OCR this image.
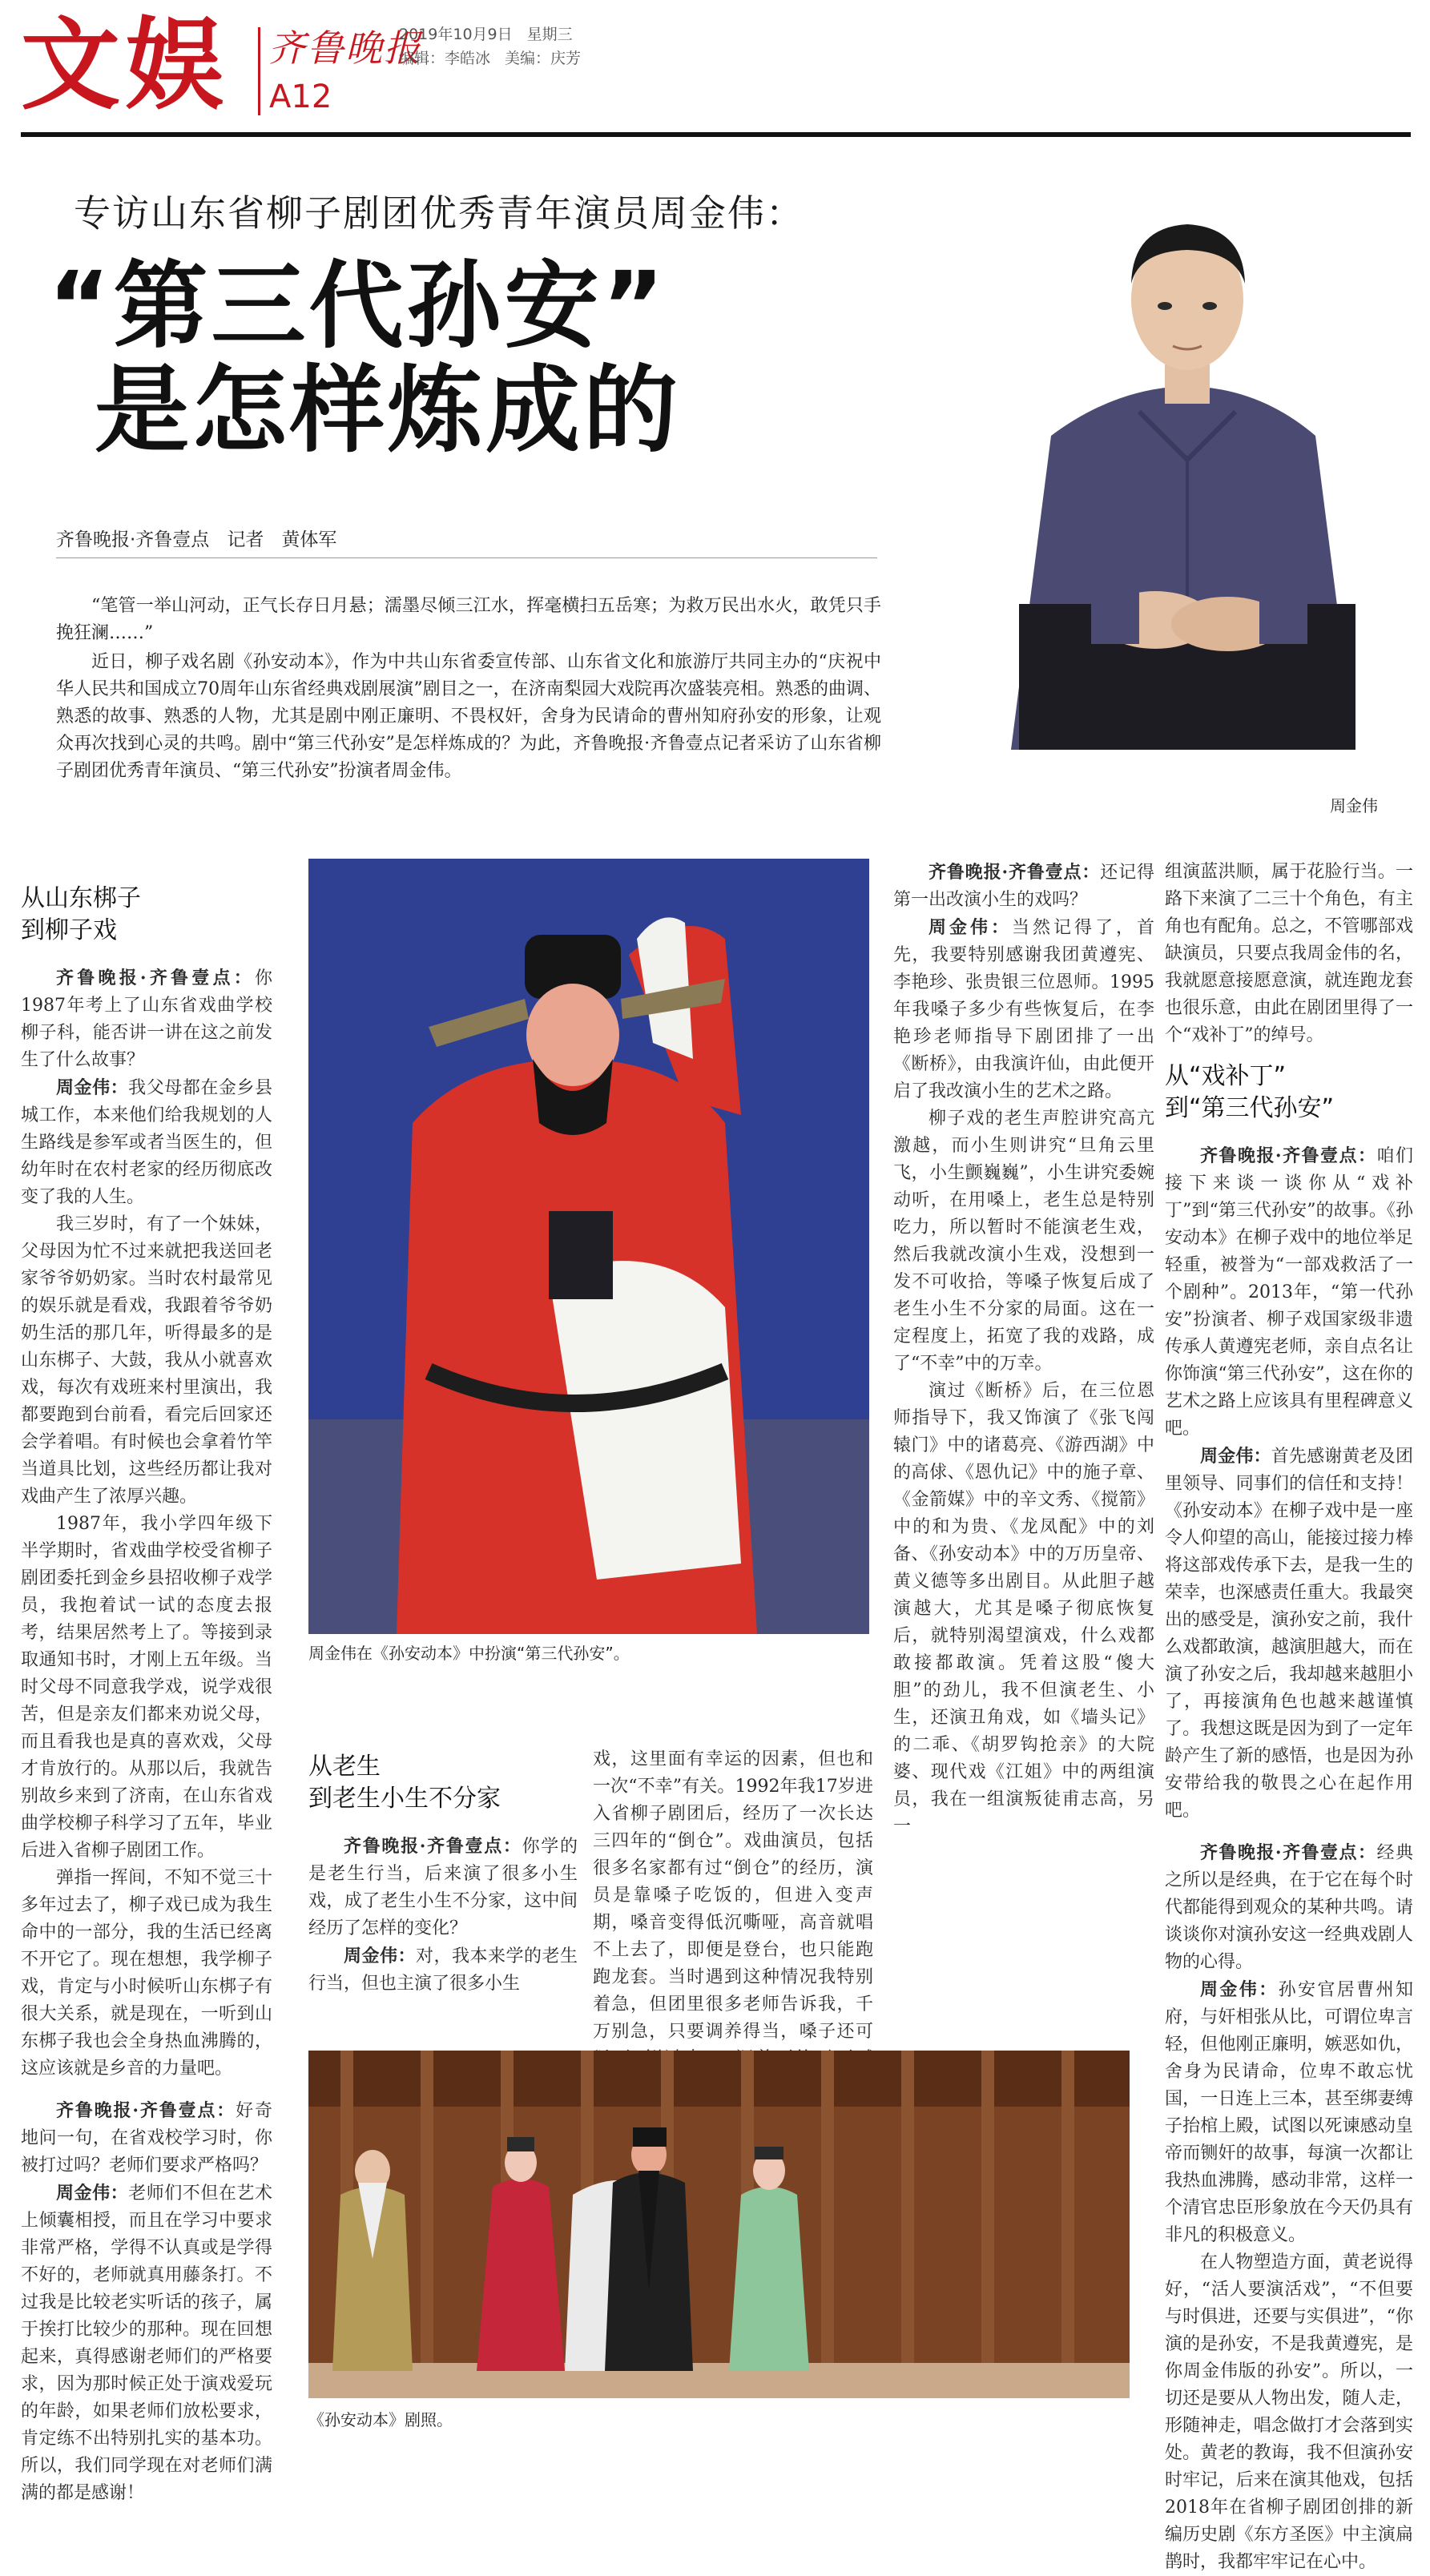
文娱 齐鲁晚报
A12
2019年10月9日 星期三
编辑：李皓冰 美编：庆芳
专访山东省柳子剧团优秀青年演员周金伟：
“第三代孙安”
是怎样炼成的
齐鲁晚报·齐鲁壹点 记者 黄体军

“笔管一举山河动，正气长存日月悬；濡墨尽倾三江水，挥毫横扫五岳寒；为救万民出水火，敢凭只手挽狂澜……”

近日，柳子戏名剧《孙安动本》，作为中共山东省委宣传部、山东省文化和旅游厅共同主办的“庆祝中华人民共和国成立70周年山东省经典戏剧展演”剧目之一，在济南梨园大戏院再次盛装亮相。熟悉的曲调、熟悉的故事、熟悉的人物，尤其是剧中刚正廉明、不畏权奸，舍身为民请命的曹州知府孙安的形象，让观众再次找到心灵的共鸣。剧中“第三代孙安”是怎样炼成的？为此，齐鲁晚报·齐鲁壹点记者采访了山东省柳子剧团优秀青年演员、“第三代孙安”扮演者周金伟。

周金伟

从山东梆子
到柳子戏

齐鲁晚报·齐鲁壹点：你1987年考上了山东省戏曲学校柳子科，能否讲一讲在这之前发生了什么故事？

周金伟：我父母都在金乡县城工作，本来他们给我规划的人生路线是参军或者当医生的，但幼年时在农村老家的经历彻底改变了我的人生。

我三岁时，有了一个妹妹，父母因为忙不过来就把我送回老家爷爷奶奶家。当时农村最常见的娱乐就是看戏，我跟着爷爷奶奶生活的那几年，听得最多的是山东梆子、大鼓，我从小就喜欢戏，每次有戏班来村里演出，我都要跑到台前看，看完后回家还会学着唱。有时候也会拿着竹竿当道具比划，这些经历都让我对戏曲产生了浓厚兴趣。

1987年，我小学四年级下半学期时，省戏曲学校受省柳子剧团委托到金乡县招收柳子戏学员，我抱着试一试的态度去报考，结果居然考上了。等接到录取通知书时，才刚上五年级。当时父母不同意我学戏，说学戏很苦，但是亲友们都来劝说父母，而且看我也是真的喜欢戏，父母才肯放行的。从那以后，我就告别故乡来到了济南，在山东省戏曲学校柳子科学习了五年，毕业后进入省柳子剧团工作。

弹指一挥间，不知不觉三十多年过去了，柳子戏已成为我生命中的一部分，我的生活已经离不开它了。现在想想，我学柳子戏，肯定与小时候听山东梆子有很大关系，就是现在，一听到山东梆子我也会全身热血沸腾的，这应该就是乡音的力量吧。

齐鲁晚报·齐鲁壹点：好奇地问一句，在省戏校学习时，你被打过吗？老师们要求严格吗？

周金伟：老师们不但在艺术上倾囊相授，而且在学习中要求非常严格，学得不认真或是学得不好的，老师就真用藤条打。不过我是比较老实听话的孩子，属于挨打比较少的那种。现在回想起来，真得感谢老师们的严格要求，因为那时候正处于演戏爱玩的年龄，如果老师们放松要求，肯定练不出特别扎实的基本功。所以，我们同学现在对老师们满满的都是感谢！

周金伟在《孙安动本》中扮演“第三代孙安”。

从老生
到老生小生不分家

齐鲁晚报·齐鲁壹点：你学的是老生行当，后来演了很多小生戏，成了老生小生不分家，这中间经历了怎样的变化？

周金伟：对，我本来学的老生行当，但也主演了很多小生

戏，这里面有幸运的因素，但也和一次“不幸”有关。1992年我17岁进入省柳子剧团后，经历了一次长达三四年的“倒仓”。戏曲演员，包括很多名家都有过“倒仓”的经历，演员是靠嗓子吃饭的，但进入变声期，嗓音变得低沉嘶哑，高音就唱不上去了，即便是登台，也只能跑跑龙套。当时遇到这种情况我特别着急，但团里很多老师告诉我，千万别急，只要调养得当，嗓子还可

齐鲁晚报·齐鲁壹点：还记得第一出改演小生的戏吗？

周金伟：当然记得了，首先，我要特别感谢我团黄遵宪、李艳珍、张贵银三位恩师。1995年我嗓子多少有些恢复后，在李艳珍老师指导下剧团排了一出《断桥》，由我演许仙，由此便开启了我改演小生的艺术之路。

柳子戏的老生声腔讲究高亢激越，而小生则讲究“旦角云里飞，小生颤巍巍”，小生讲究委婉动听，在用嗓上，老生总是特别吃力，所以暂时不能演老生戏，然后我就改演小生戏，没想到一发不可收拾，等嗓子恢复后成了老生小生不分家的局面。这在一定程度上，拓宽了我的戏路，成了“不幸”中的万幸。

演过《断桥》后，在三位恩师指导下，我又饰演了《张飞闯辕门》中的诸葛亮、《游西湖》中的高俅、《恩仇记》中的施子章、《金箭媒》中的辛文秀、《搅箭》中的和为贵、《龙凤配》中的刘备、《孙安动本》中的万历皇帝、黄义德等多出剧目。从此胆子越演越大，尤其是嗓子彻底恢复后，就特别渴望演戏，什么戏都敢接都敢演。凭着这股“傻大胆”的劲儿，我不但演老生、小生，还演丑角戏，如《墙头记》的二乖、《胡罗钩抢亲》的大院婆、现代戏《江姐》中的两组演员，我在一组演叛徒甫志高，另一

组演蓝洪顺，属于花脸行当。一路下来演了二三十个角色，有主角也有配角。总之，不管哪部戏缺演员，只要点我周金伟的名，我就愿意接愿意演，就连跑龙套也很乐意，由此在剧团里得了一个“戏补丁”的绰号。

从“戏补丁”
到“第三代孙安”

齐鲁晚报·齐鲁壹点：咱们接下来谈一谈你从“戏补丁”到“第三代孙安”的故事。《孙安动本》在柳子戏中的地位举足轻重，被誉为“一部戏救活了一个剧种”。2013年，“第一代孙安”扮演者、柳子戏国家级非遗传承人黄遵宪老师，亲自点名让你饰演“第三代孙安”，这在你的艺术之路上应该具有里程碑意义吧。

周金伟：首先感谢黄老及团里领导、同事们的信任和支持！《孙安动本》在柳子戏中是一座令人仰望的高山，能接过接力棒将这部戏传承下去，是我一生的荣幸，也深感责任重大。我最突出的感受是，演孙安之前，我什么戏都敢演，越演胆越大，而在演了孙安之后，我却越来越胆小了，再接演角色也越来越谨慎了。我想这既是因为到了一定年龄产生了新的感悟，也是因为孙安带给我的敬畏之心在起作用吧。

齐鲁晚报·齐鲁壹点：经典之所以是经典，在于它在每个时代都能得到观众的某种共鸣。请谈谈你对演孙安这一经典戏剧人物的心得。

周金伟：孙安官居曹州知府，与奸相张从比，可谓位卑言轻，但他刚正廉明，嫉恶如仇，舍身为民请命，位卑不敢忘忧国，一日连上三本，甚至绑妻缚子抬棺上殿，试图以死谏感动皇帝而铡奸的故事，每演一次都让我热血沸腾，感动非常，这样一个清官忠臣形象放在今天仍具有非凡的积极意义。

在人物塑造方面，黄老说得好，“活人要演活戏”，“不但要与时俱进，还要与实俱进”，“你演的是孙安，不是我黄遵宪，是你周金伟版的孙安”。所以，一切还是要从人物出发，随人走，形随神走，唱念做打才会落到实处。黄老的教诲，我不但演孙安时牢记，后来在演其他戏，包括2018年在省柳子剧团创排的新编历史剧《东方圣医》中主演扁鹊时，我都牢牢记在心中。

《孙安动本》剧照。
